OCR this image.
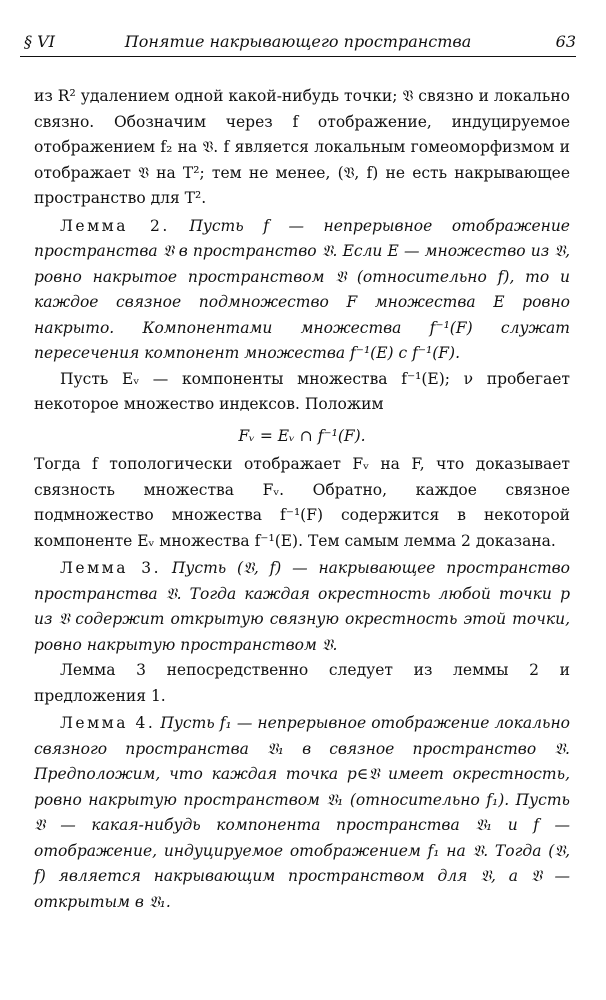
§ VI	Понятие накрывающего пространства	63

из R² удалением одной какой-нибудь точки; 𝔙 связно и локально связно. Обозначим через f отображение, индуцируемое отображением f₂ на 𝔙. f является локальным гомеоморфизмом и отображает 𝔙 на T²; тем не менее, (𝔙, f) не есть накрывающее пространство для T².

Лемма 2. Пусть f — непрерывное отображение пространства 𝔙 в пространство 𝔙. Если E — множество из 𝔙, ровно накрытое пространством 𝔙 (относительно f), то и каждое связное подмножество F множества E ровно накрыто. Компонентами множества f⁻¹(F) служат пересечения компонент множества f⁻¹(E) с f⁻¹(F).

Пусть Eᵥ — компоненты множества f⁻¹(E); ν пробегает некоторое множество индексов. Положим

Fᵥ = Eᵥ ∩ f⁻¹(F).

Тогда f топологически отображает Fᵥ на F, что доказывает связность множества Fᵥ. Обратно, каждое связное подмножество множества f⁻¹(F) содержится в некоторой компоненте Eᵥ множества f⁻¹(E). Тем самым лемма 2 доказана.

Лемма 3. Пусть (𝔙, f) — накрывающее пространство пространства 𝔙. Тогда каждая окрестность любой точки p из 𝔙 содержит открытую связную окрестность этой точки, ровно накрытую пространством 𝔙.

Лемма 3 непосредственно следует из леммы 2 и предложения 1.

Лемма 4. Пусть f₁ — непрерывное отображение локально связного пространства 𝔙₁ в связное пространство 𝔙. Предположим, что каждая точка p∈𝔙 имеет окрестность, ровно накрытую пространством 𝔙₁ (относительно f₁). Пусть 𝔙 — какая-нибудь компонента пространства 𝔙₁ и f — отображение, индуцируемое отображением f₁ на 𝔙. Тогда (𝔙, f) является накрывающим пространством для 𝔙, а 𝔙 — открытым в 𝔙₁.
